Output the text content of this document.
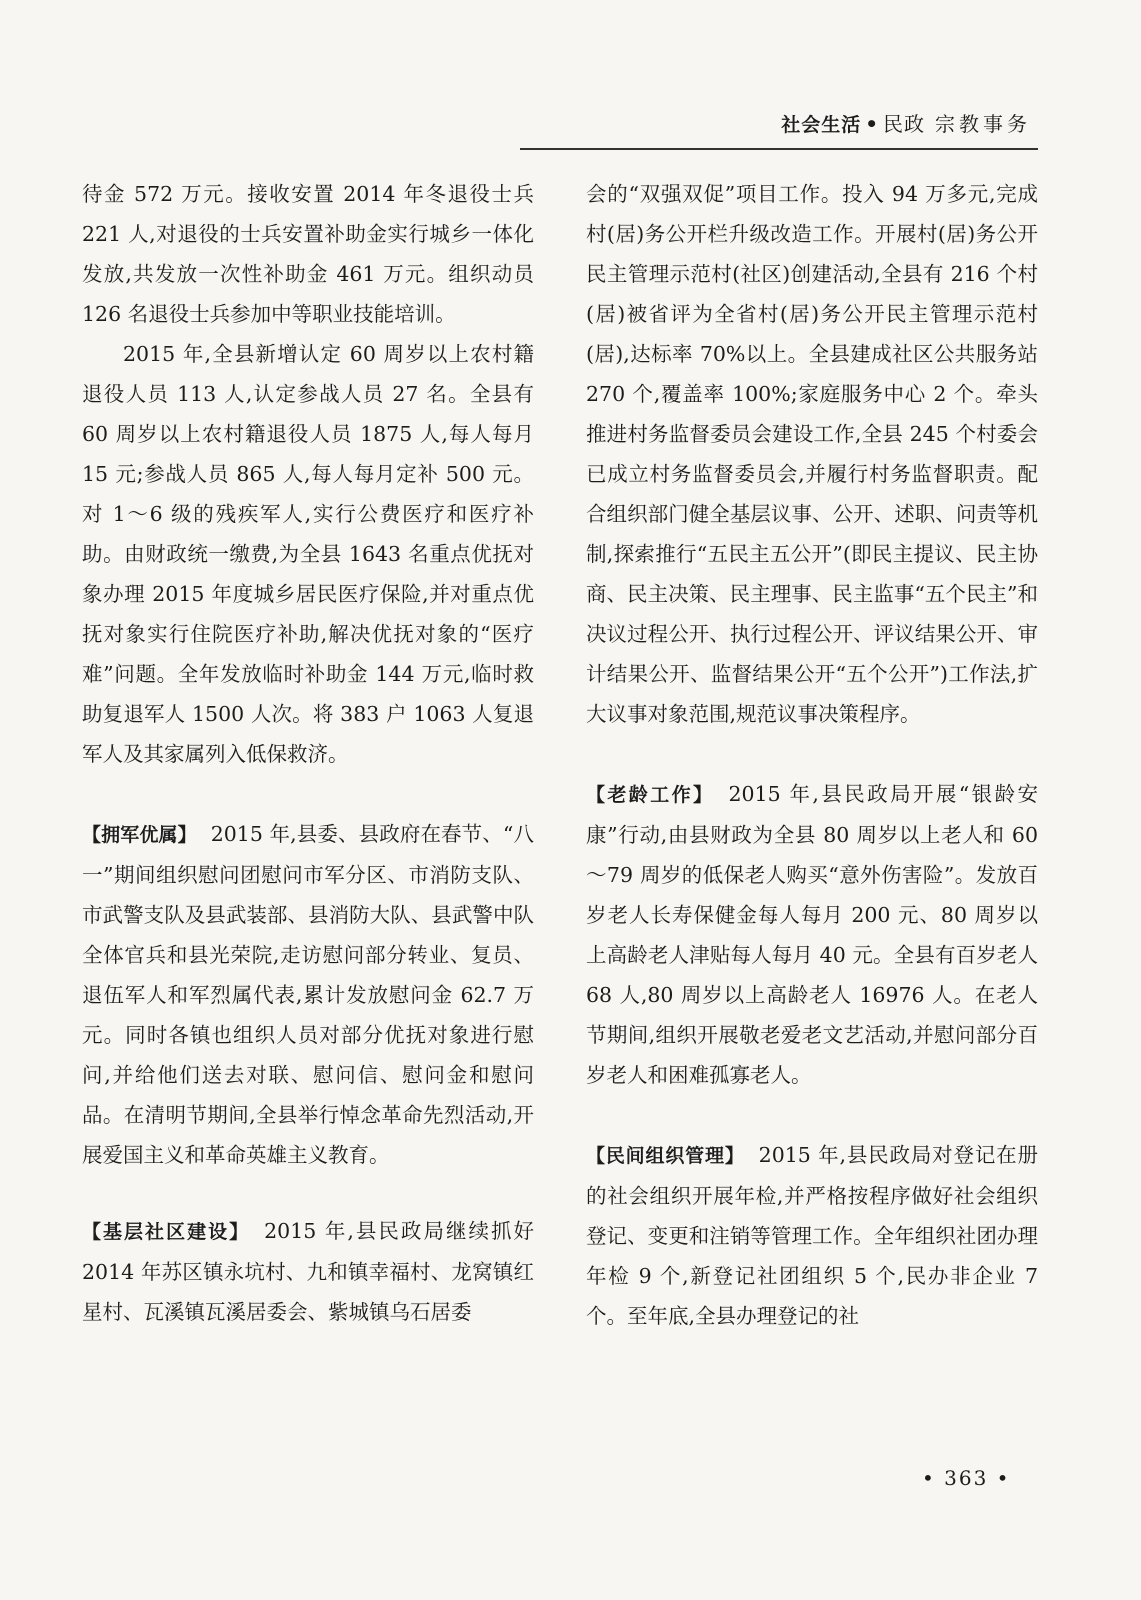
社会生活 • 民政 宗教事务

待金 572 万元。接收安置 2014 年冬退役士兵 221 人,对退役的士兵安置补助金实行城乡一体化发放,共发放一次性补助金 461 万元。组织动员 126 名退役士兵参加中等职业技能培训。

2015 年,全县新增认定 60 周岁以上农村籍退役人员 113 人,认定参战人员 27 名。全县有 60 周岁以上农村籍退役人员 1875 人,每人每月 15 元;参战人员 865 人,每人每月定补 500 元。对 1～6 级的残疾军人,实行公费医疗和医疗补助。由财政统一缴费,为全县 1643 名重点优抚对象办理 2015 年度城乡居民医疗保险,并对重点优抚对象实行住院医疗补助,解决优抚对象的“医疗难”问题。全年发放临时补助金 144 万元,临时救助复退军人 1500 人次。将 383 户 1063 人复退军人及其家属列入低保救济。

【拥军优属】 2015 年,县委、县政府在春节、“八一”期间组织慰问团慰问市军分区、市消防支队、市武警支队及县武装部、县消防大队、县武警中队全体官兵和县光荣院,走访慰问部分转业、复员、退伍军人和军烈属代表,累计发放慰问金 62.7 万元。同时各镇也组织人员对部分优抚对象进行慰问,并给他们送去对联、慰问信、慰问金和慰问品。在清明节期间,全县举行悼念革命先烈活动,开展爱国主义和革命英雄主义教育。

【基层社区建设】 2015 年,县民政局继续抓好 2014 年苏区镇永坑村、九和镇幸福村、龙窝镇红星村、瓦溪镇瓦溪居委会、紫城镇乌石居委

会的“双强双促”项目工作。投入 94 万多元,完成村(居)务公开栏升级改造工作。开展村(居)务公开民主管理示范村(社区)创建活动,全县有 216 个村(居)被省评为全省村(居)务公开民主管理示范村(居),达标率 70%以上。全县建成社区公共服务站 270 个,覆盖率 100%;家庭服务中心 2 个。牵头推进村务监督委员会建设工作,全县 245 个村委会已成立村务监督委员会,并履行村务监督职责。配合组织部门健全基层议事、公开、述职、问责等机制,探索推行“五民主五公开”(即民主提议、民主协商、民主决策、民主理事、民主监事“五个民主”和决议过程公开、执行过程公开、评议结果公开、审计结果公开、监督结果公开“五个公开”)工作法,扩大议事对象范围,规范议事决策程序。

【老龄工作】 2015 年,县民政局开展“银龄安康”行动,由县财政为全县 80 周岁以上老人和 60～79 周岁的低保老人购买“意外伤害险”。发放百岁老人长寿保健金每人每月 200 元、80 周岁以上高龄老人津贴每人每月 40 元。全县有百岁老人 68 人,80 周岁以上高龄老人 16976 人。在老人节期间,组织开展敬老爱老文艺活动,并慰问部分百岁老人和困难孤寡老人。

【民间组织管理】 2015 年,县民政局对登记在册的社会组织开展年检,并严格按程序做好社会组织登记、变更和注销等管理工作。全年组织社团办理年检 9 个,新登记社团组织 5 个,民办非企业 7 个。至年底,全县办理登记的社

• 363 •
